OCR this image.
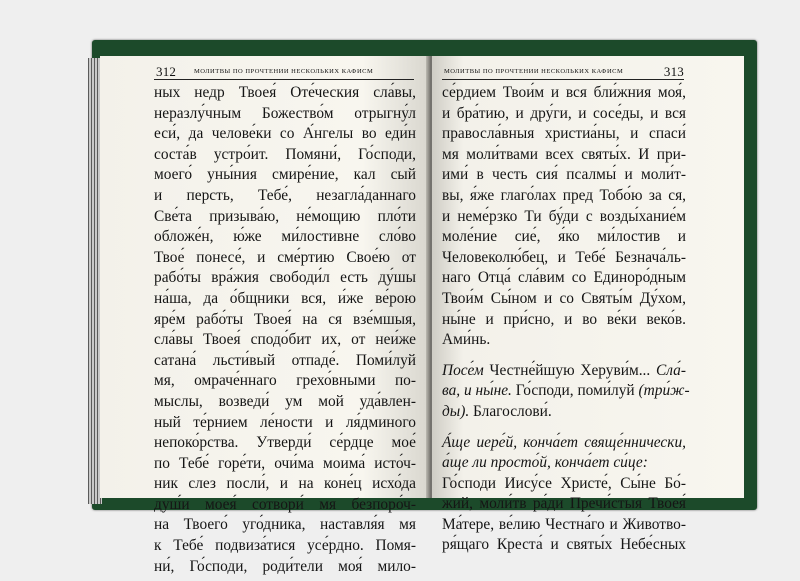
312	МОЛИТВЫ ПО ПРОЧТЕНИИ НЕСКОЛЬКИХ КАФИСМ
ных недр Твоея́ Оте́ческия сла́вы,
неразлу́чным Божество́м отрыгну́л
еси́, да челове́ки со А́нгелы во еди́н
соста́в устро́ит. Помяни́, Го́споди,
моего́ уны́ния смире́ние, кал сый
и персть, Тебе́, незагла́даннаго
Све́та призыва́ю, не́мощию пло́ти
обложе́н, ю́же ми́лостивне сло́во
Твое́ понесе́, и сме́ртию Свое́ю от
рабо́ты вра́жия свободи́л есть ду́шы
на́ша, да о́бщники вся, и́же ве́рою
яре́м рабо́ты Твоея́ на ся взе́мшыя,
сла́вы Твоея́ сподо́бит их, от неи́же
сатана́ льсти́вый отпаде́. Поми́луй
мя, омраче́ннаго грехо́вными по-
мыслы, возведи́ ум мой уда́влен-
ный те́рнием ле́ности и ля́дминого
непоко́рства. Утверди́ се́рдце мое́
по Тебе́ горе́ти, очи́ма моима́ исто́ч-
ник слез посли́, и на коне́ц исхо́да
душ́и моея́ сотвори́ мя безпоро́ч-
на Твоего́ уго́дника, наставля́я мя
к Тебе́ подвиза́тися усе́рдно. Помя-
ни́, Го́споди, роди́тели моя́ мило-
МОЛИТВЫ ПО ПРОЧТЕНИИ НЕСКОЛЬКИХ КАФИСМ	313
се́рдием Твои́м и вся бли́жния моя́,
и бра́тию, и дру́ги, и сосе́ды, и вся
правосла́вныя христиа́ны, и спаси́
мя моли́твами всех святы́х. И при-
ими́ в честь сия́ псалмы́ и моли́т-
вы, я́же глаго́лах пред Тобо́ю за ся,
и неме́рзко Ти бу́ди с возды́хание́м
моле́ние сие́, я́ко ми́лостив и
Человеколю́бец, и Тебе́ Безнача́ль-
наго Отца́ сла́вим со Единоро́дным
Твои́м Сы́ном и со Святы́м Ду́хом,
ны́не и при́сно, и во ве́ки веко́в.
Ами́нь.
Посе́м Честне́йшую Херуви́м... Сла́-
ва, и ны́не. Го́споди, поми́луй (три́ж-
ды). Благослови́.
А́ще иере́й, конча́ет свяще́ннически,
а́ще ли просто́й, конча́ет си́це:
Го́споди Иису́се Христе́, Сы́не Бо́-
жий, моли́тв ра́ди Пречи́стыя Твоея́
Ма́тере, ве́лию Честна́го и Животво-
ря́щаго Креста́ и святы́х Небе́сных
